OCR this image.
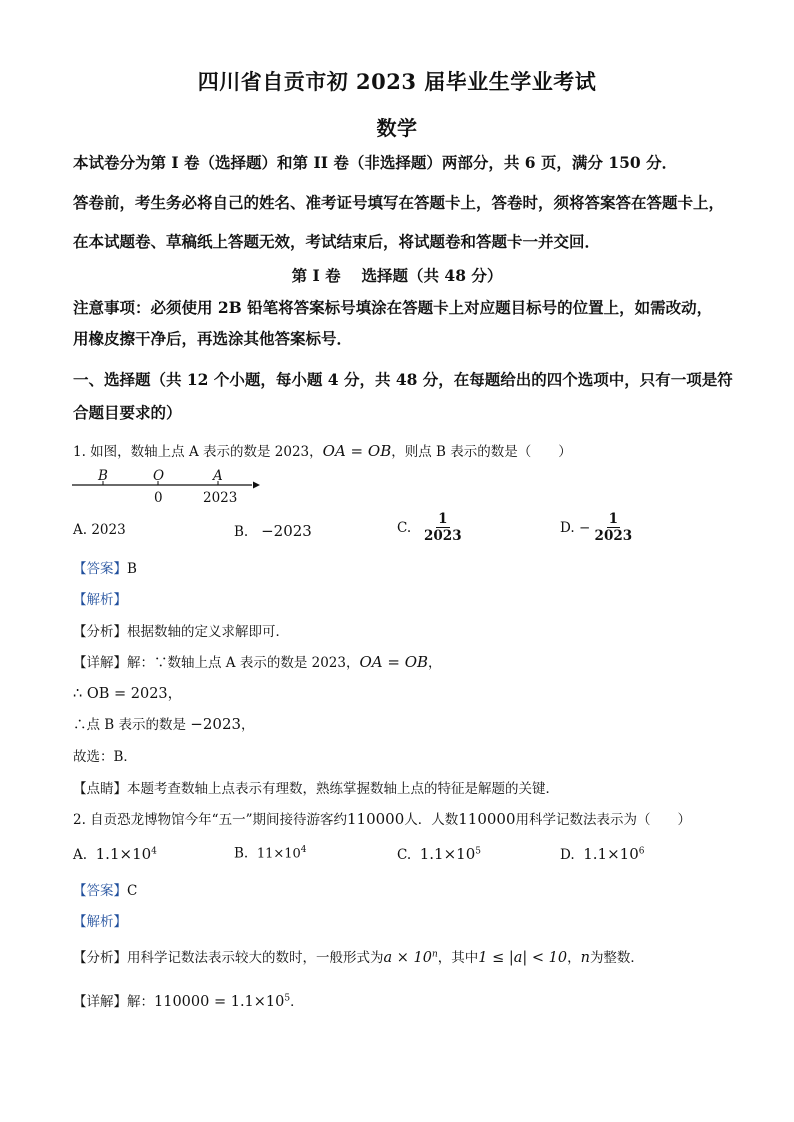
四川省自贡市初 2023 届毕业生学业考试
数学
本试卷分为第 I 卷（选择题）和第 II 卷（非选择题）两部分，共 6 页，满分 150 分．
答卷前，考生务必将自己的姓名、准考证号填写在答题卡上，答卷时，须将答案答在答题卡上，
在本试题卷、草稿纸上答题无效，考试结束后，将试题卷和答题卡一并交回．
第 I 卷　 选择题（共 48 分）
注意事项：必须使用 2B 铅笔将答案标号填涂在答题卡上对应题目标号的位置上，如需改动，
用橡皮擦干净后，再选涂其他答案标号．
一、选择题（共 12 个小题，每小题 4 分，共 48 分，在每题给出的四个选项中，只有一项是符
合题目要求的）
1. 如图，数轴上点 A 表示的数是 2023，OA = OB，则点 B 表示的数是（　　）
B	O	A
0	2023
A. 2023	B. −2023	C. $\frac{1}{2023}$	D. − $\frac{1}{2023}$
【答案】B
【解析】
【分析】根据数轴的定义求解即可．
【详解】解：∵数轴上点 A 表示的数是 2023，OA = OB，
∴ OB = 2023，
∴点 B 表示的数是 −2023，
故选：B．
【点睛】本题考查数轴上点表示有理数，熟练掌握数轴上点的特征是解题的关键．
2. 自贡恐龙博物馆今年“五一”期间接待游客约110000人．人数110000用科学记数法表示为（　　）
A. $1.1\times 10^4$	B. $11\times 10^4$	C. $1.1\times 10^5$	D. $1.1\times 10^6$
【答案】C
【解析】
【分析】用科学记数法表示较大的数时，一般形式为$a \times 10^n$，其中1 ≤ |a| < 10，n为整数．
【详解】解：$110000 = 1.1\times 10^5$．
